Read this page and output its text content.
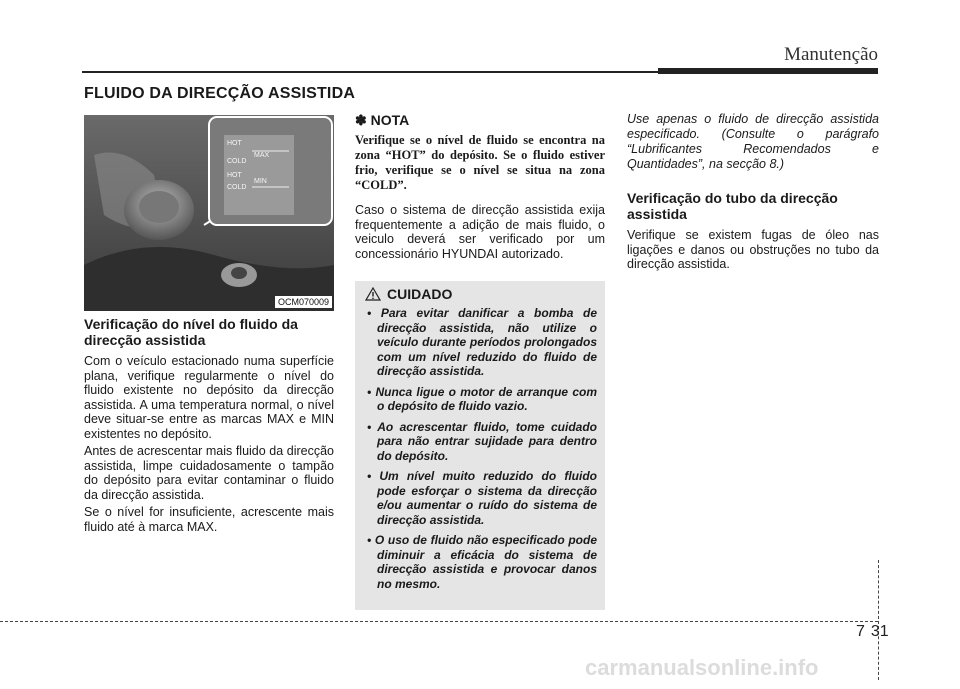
Manutenção
FLUIDO DA DIRECÇÃO ASSISTIDA
HOT
MAX
COLD
HOT
COLD
MIN
OCM070009
Verificação do nível do fluido da direcção assistida

Com o veículo estacionado numa superfície plana, verifique regularmente o nível do fluido existente no depósito da direcção assistida. A uma temperatura normal, o nível deve situar-se entre as marcas MAX e MIN existentes no depósito.

Antes de acrescentar mais fluido da direcção assistida, limpe cuidadosamente o tampão do depósito para evitar contaminar o fluido da direcção assistida.

Se o nível for insuficiente, acrescente mais fluido até à marca MAX.

✽ NOTA
Verifique se o nível de fluido se encontra na zona “HOT” do depósito. Se o fluido estiver frio, verifique se o nível se situa na zona “COLD”.

Caso o sistema de direcção assistida exija frequentemente a adição de mais fluido, o veiculo deverá ser verificado por um concessionário HYUNDAI autorizado.

CUIDADO
• Para evitar danificar a bomba de direcção assistida, não utilize o veículo durante períodos prolongados com um nível reduzido do fluido de direcção assistida.
• Nunca ligue o motor de arranque com o depósito de fluido vazio.
• Ao acrescentar fluido, tome cuidado para não entrar sujidade para dentro do depósito.
• Um nível muito reduzido do fluido pode esforçar o sistema da direcção e/ou aumentar o ruído do sistema de direcção assistida.
• O uso de fluido não especificado pode diminuir a eficácia do sistema de direcção assistida e provocar danos no mesmo.

Use apenas o fluido de direcção assistida especificado. (Consulte o parágrafo “Lubrificantes Recomendados e Quantidades”, na secção 8.)

Verificação do tubo da direcção assistida

Verifique se existem fugas de óleo nas ligações e danos ou obstruções no tubo da direcção assistida.

7 31
carmanualsonline.info
